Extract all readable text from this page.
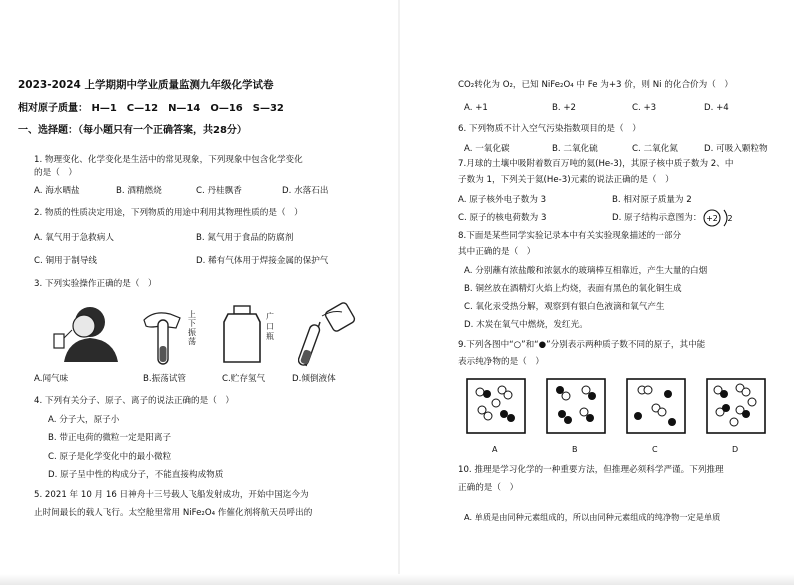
2023-2024 上学期期中学业质量监测九年级化学试卷
相对原子质量： H—1　C—12　N—14　O—16　S—32
一、选择题：（每小题只有一个正确答案，共28分）
1. 物理变化、化学变化是生活中的常见现象，下列现象中包含化学变化
的是（　）
A. 海水晒盐	B. 酒精燃烧	C. 丹桂飘香	D. 水落石出
2. 物质的性质决定用途，下列物质的用途中利用其物理性质的是（　）
A. 氧气用于急救病人	B. 氮气用于食品的防腐剂
C. 铜用于制导线	D. 稀有气体用于焊接金属的保护气
3. 下列实验操作正确的是（　）
上下振荡
广口瓶
A.闻气味	B.振荡试管	C.贮存氢气	D.倾倒液体
4. 下列有关分子、原子、离子的说法正确的是（　）
A. 分子大，原子小
B. 带正电荷的微粒一定是阳离子
C. 原子是化学变化中的最小微粒
D. 原子呈中性的构成分子，不能直接构成物质
5. 2021 年 10 月 16 日神舟十三号载人飞船发射成功，开始中国迄今为
止时间最长的载人飞行。太空舱里常用 NiFe₂O₄ 作催化剂将航天员呼出的
CO₂转化为 O₂，已知 NiFe₂O₄ 中 Fe 为+3 价，则 Ni 的化合价为（　）
A. +1	B. +2	C. +3	D. +4
6. 下列物质不计入空气污染指数项目的是（　）
A. 一氧化碳	B. 二氧化硫	C. 二氧化氮	D. 可吸入颗粒物
7.月球的土壤中吸附着数百万吨的氦(He-3)，其原子核中质子数为 2、中
子数为 1，下列关于氦(He-3)元素的说法正确的是（　）
A. 原子核外电子数为 3	B. 相对原子质量为 2
C. 原子的核电荷数为 3	D. 原子结构示意图为： +2 2
8.下面是某些同学实验记录本中有关实验现象描述的一部分
其中正确的是（　）
A. 分别蘸有浓盐酸和浓氨水的玻璃棒互相靠近，产生大量的白烟
B. 铜丝放在酒精灯火焰上灼烧，表面有黑色的氧化铜生成
C. 氧化汞受热分解，观察到有银白色液滴和氧气产生
D. 木炭在氧气中燃烧，发红光。
9.下列各图中“○”和“●”分别表示两种质子数不同的原子，其中能
表示纯净物的是（　）
A	B	C	D
10. 推理是学习化学的一种重要方法，但推理必须科学严谨。下列推理
正确的是（　）
A. 单质是由同种元素组成的，所以由同种元素组成的纯净物一定是单质
